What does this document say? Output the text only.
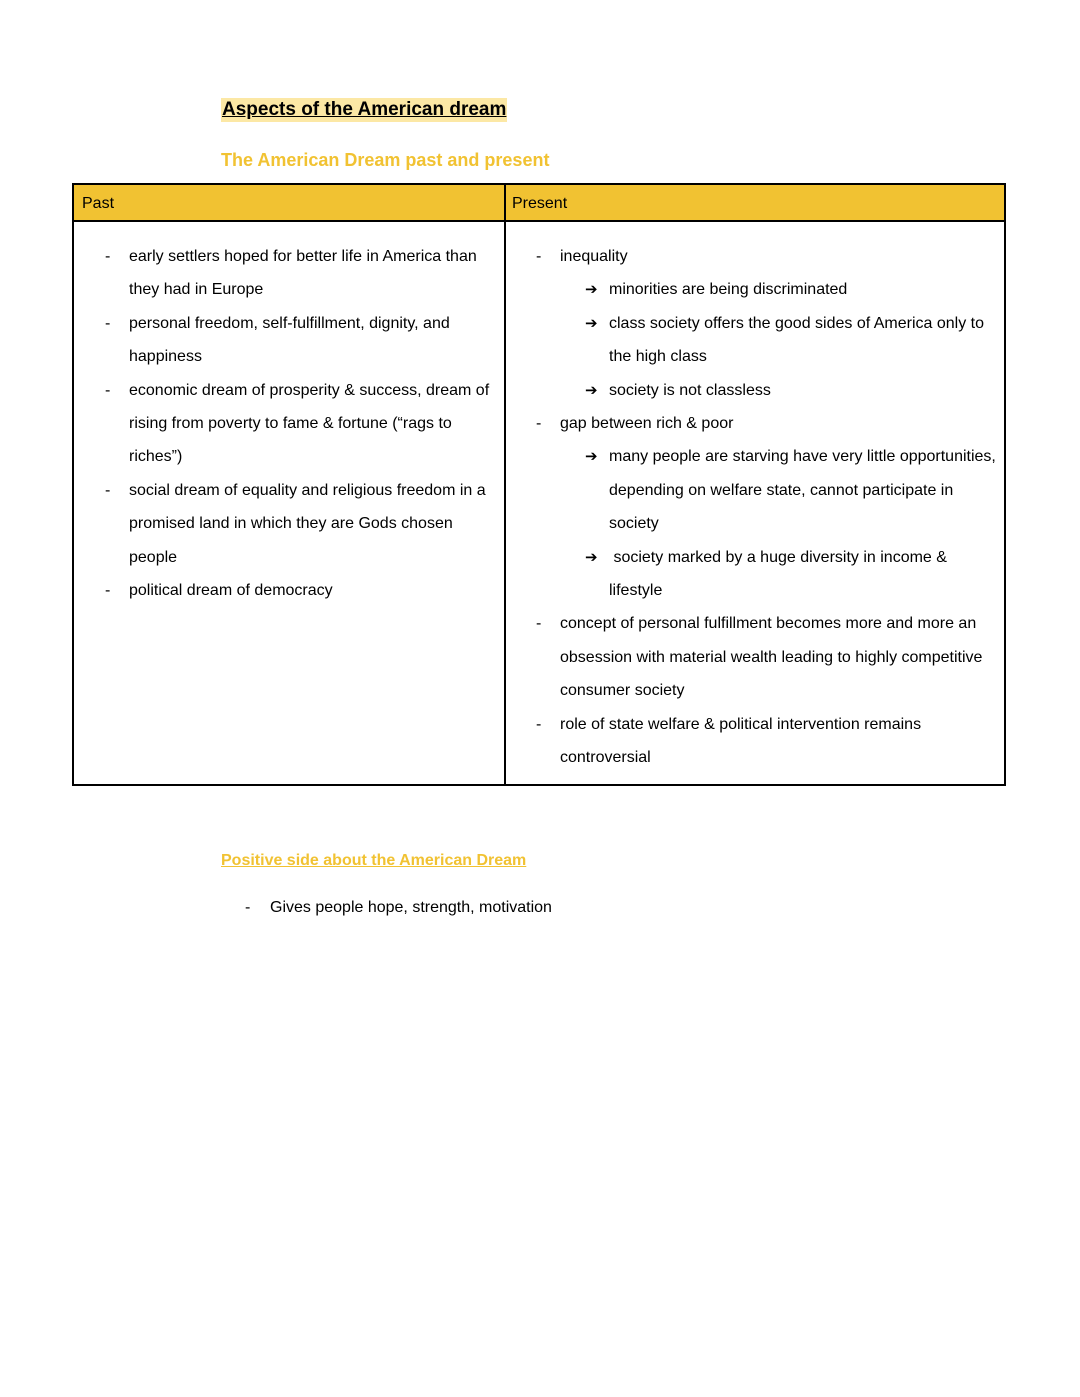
Aspects of the American dream
The American Dream past and present
Past	Present
- early settlers hoped for better life in America than they had in Europe
- personal freedom, self-fulfillment, dignity, and happiness
- economic dream of prosperity & success, dream of rising from poverty to fame & fortune (“rags to riches”)
- social dream of equality and religious freedom in a promised land in which they are Gods chosen people
- political dream of democracy
- inequality
➔ minorities are being discriminated
➔ class society offers the good sides of America only to the high class
➔ society is not classless
- gap between rich & poor
➔ many people are starving have very little opportunities, depending on welfare state, cannot participate in society
➔ society marked by a huge diversity in income & lifestyle
- concept of personal fulfillment becomes more and more an obsession with material wealth leading to highly competitive consumer society
- role of state welfare & political intervention remains controversial
Positive side about the American Dream
- Gives people hope, strength, motivation
